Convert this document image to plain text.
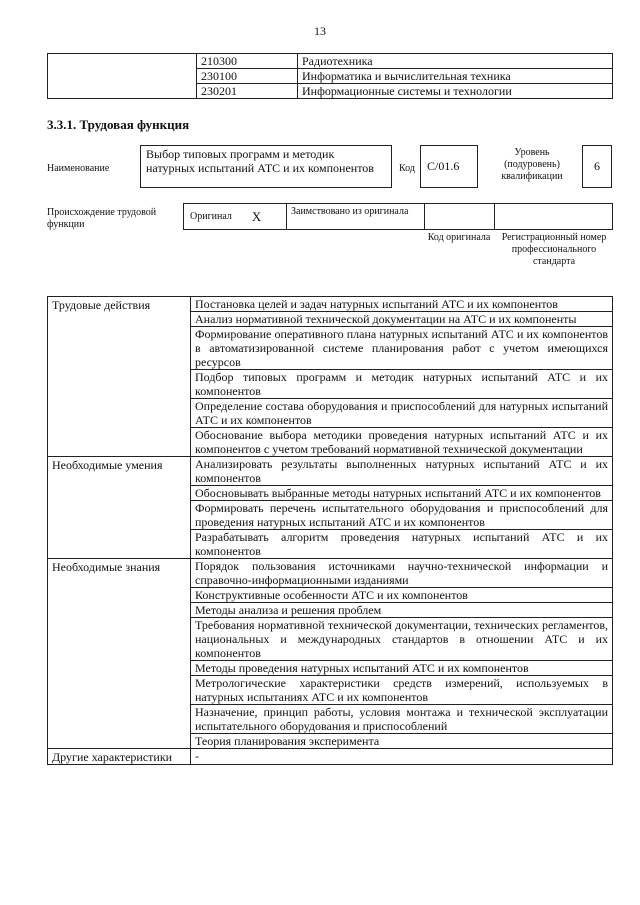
13
	210300	Радиотехника
	230100	Информатика и вычислительная техника
	230201	Информационные системы и технологии
3.3.1. Трудовая функция
Наименование
Выбор типовых программ и методик натурных испытаний АТС и их компонентов	Код	C/01.6
Уровень (подуровень) квалификации
6
Происхождение трудовой функции
Оригинал X	Заимствовано из оригинала
Код оригинала	Регистрационный номер профессионального стандарта
Трудовые действия	Постановка целей и задач натурных испытаний АТС и их компонентов
	Анализ нормативной технической документации на АТС и их компоненты
	Формирование оперативного плана натурных испытаний АТС и их компонентов в автоматизированной системе планирования работ с учетом имеющихся ресурсов
	Подбор типовых программ и методик натурных испытаний АТС и их компонентов
	Определение состава оборудования и приспособлений для натурных испытаний АТС и их компонентов
	Обоснование выбора методики проведения натурных испытаний АТС и их компонентов с учетом требований нормативной технической документации
Необходимые умения	Анализировать результаты выполненных натурных испытаний АТС и их компонентов
	Обосновывать выбранные методы натурных испытаний АТС и их компонентов
	Формировать перечень испытательного оборудования и приспособлений для проведения натурных испытаний АТС и их компонентов
	Разрабатывать алгоритм проведения натурных испытаний АТС и их компонентов
Необходимые знания	Порядок пользования источниками научно-технической информации и справочно-информационными изданиями
	Конструктивные особенности АТС и их компонентов
	Методы анализа и решения проблем
	Требования нормативной технической документации, технических регламентов, национальных и международных стандартов в отношении АТС и их компонентов
	Методы проведения натурных испытаний АТС и их компонентов
	Метрологические характеристики средств измерений, используемых в натурных испытаниях АТС и их компонентов
	Назначение, принцип работы, условия монтажа и технической эксплуатации испытательного оборудования и приспособлений
	Теория планирования эксперимента
Другие характеристики	-
